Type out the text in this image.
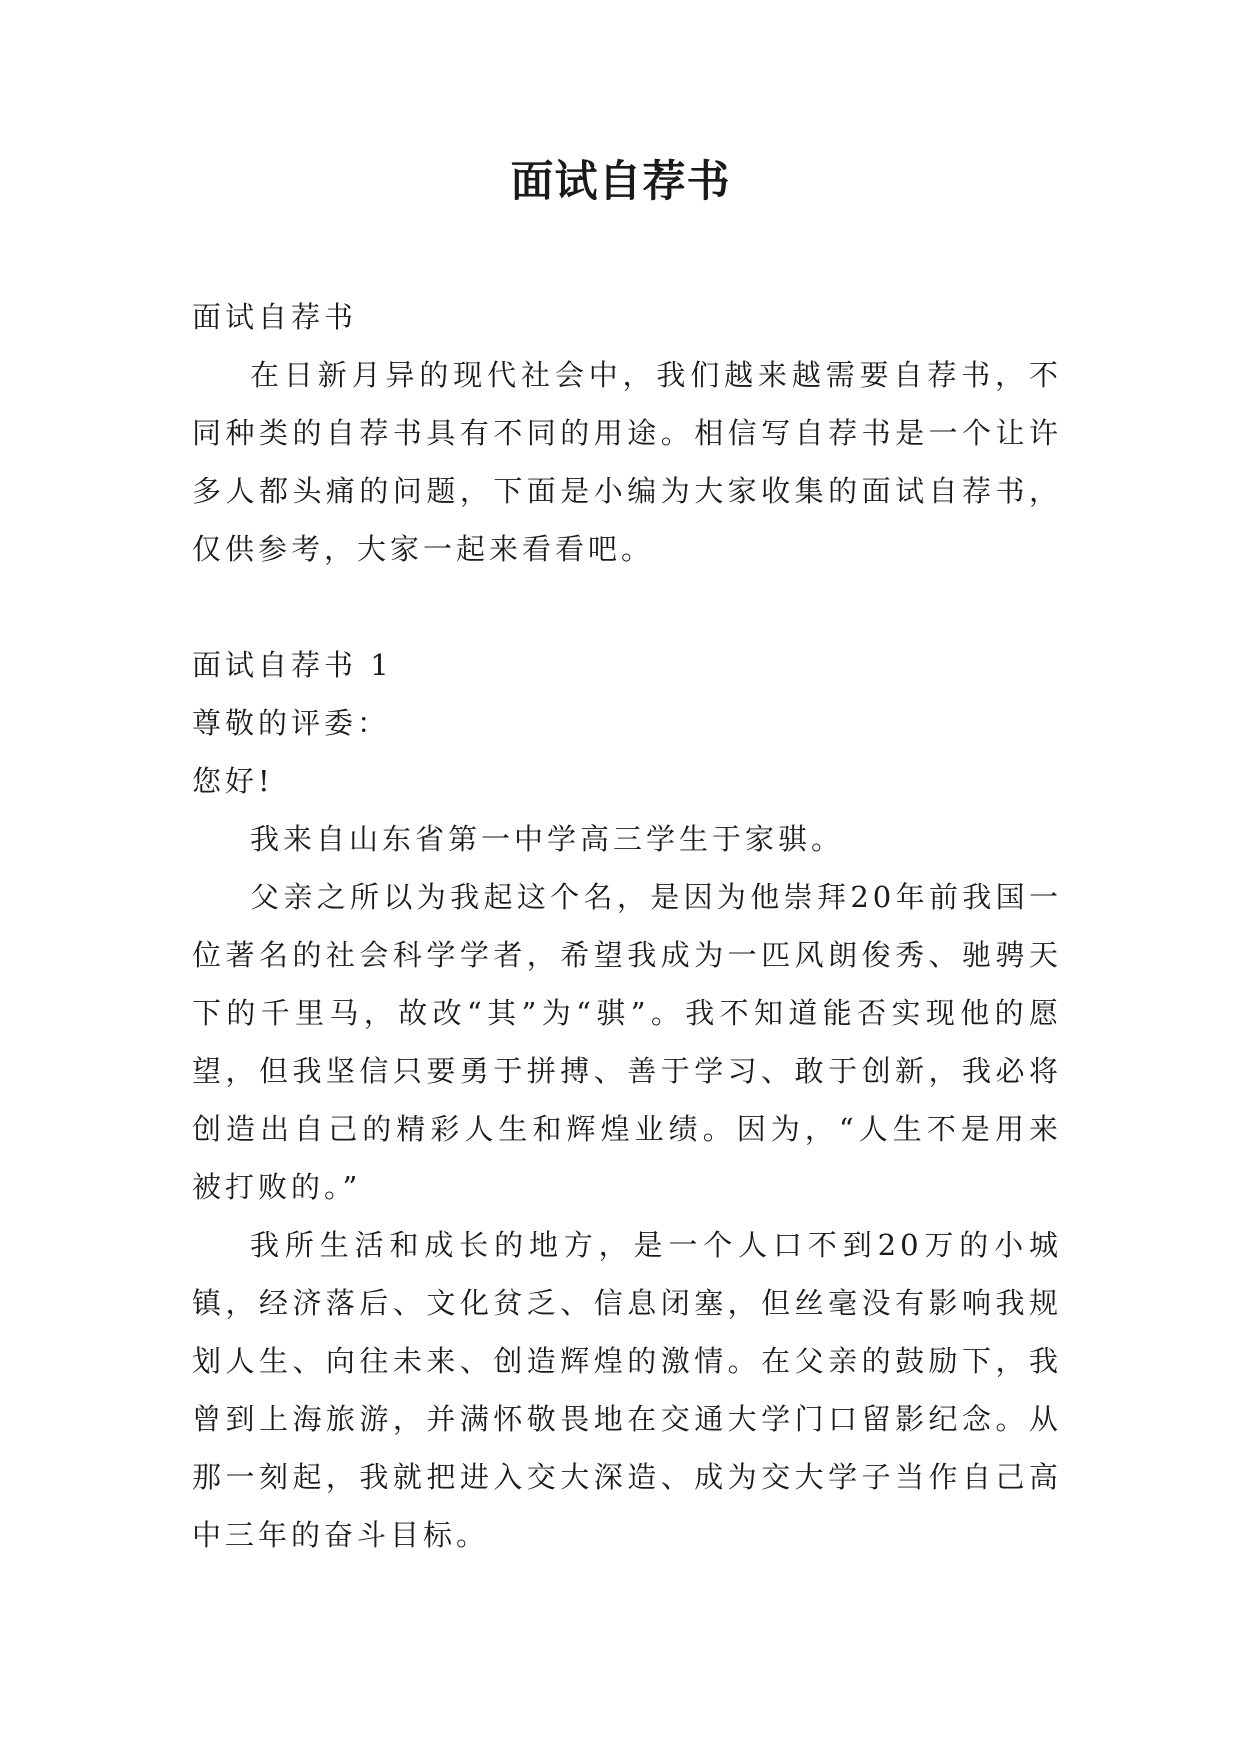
面试自荐书

面试自荐书

在日新月异的现代社会中，我们越来越需要自荐书，不同种类的自荐书具有不同的用途。相信写自荐书是一个让许多人都头痛的问题，下面是小编为大家收集的面试自荐书，仅供参考，大家一起来看看吧。

面试自荐书 1

尊敬的评委：

您好!

我来自山东省第一中学高三学生于家骐。

父亲之所以为我起这个名，是因为他崇拜20年前我国一位著名的社会科学学者，希望我成为一匹风朗俊秀、驰骋天下的千里马，故改“其”为“骐”。我不知道能否实现他的愿望，但我坚信只要勇于拼搏、善于学习、敢于创新，我必将创造出自己的精彩人生和辉煌业绩。因为，“人生不是用来被打败的。”

我所生活和成长的地方，是一个人口不到20万的小城镇，经济落后、文化贫乏、信息闭塞，但丝毫没有影响我规划人生、向往未来、创造辉煌的激情。在父亲的鼓励下，我曾到上海旅游，并满怀敬畏地在交通大学门口留影纪念。从那一刻起，我就把进入交大深造、成为交大学子当作自己高中三年的奋斗目标。
